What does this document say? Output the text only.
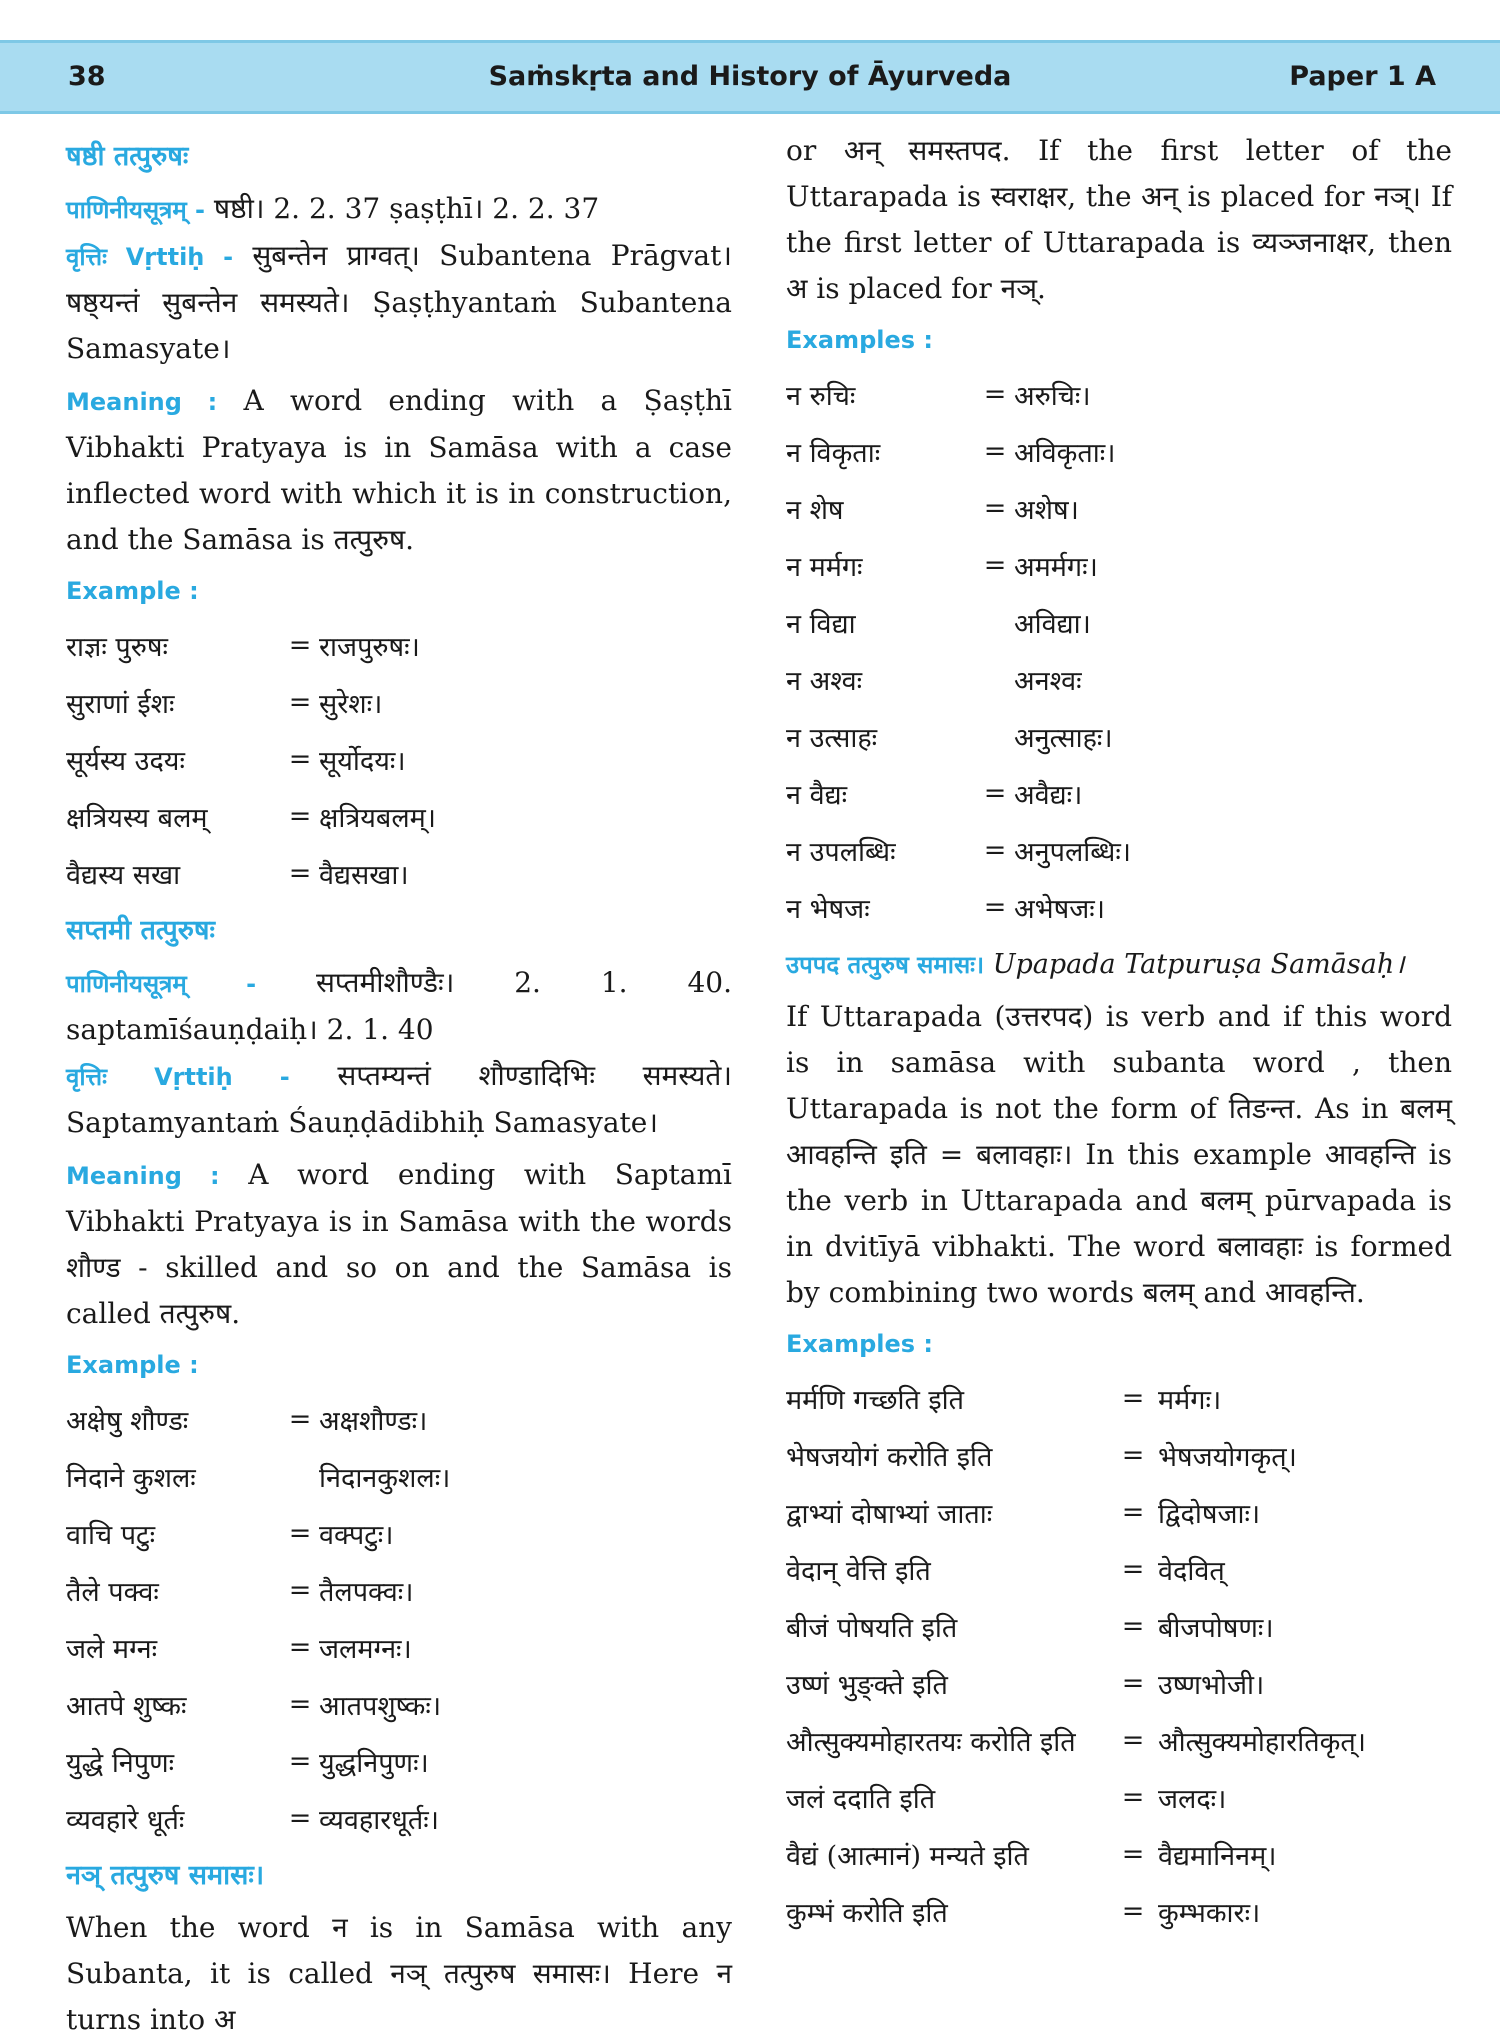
Saṁskṛta and History of Āyurveda
38	Paper 1 A
षष्ठी तत्पुरुषः

पाणिनीयसूत्रम् - षष्ठी। 2. 2. 37 ṣaṣṭhī। 2. 2. 37

वृत्तिः Vṛttiḥ - सुबन्तेन प्राग्वत्। Subantena Prāgvat। षष्ठ्यन्तं सुबन्तेन समस्यते। Ṣaṣṭhyantaṁ Subantena Samasyate।

Meaning : A word ending with a Ṣaṣṭhī Vibhakti Pratyaya is in Samāsa with a case inflected word with which it is in construction, and the Samāsa is तत्पुरुष.

Example :
राज्ञः पुरुषः	=	राजपुरुषः।
सुराणां ईशः	=	सुरेशः।
सूर्यस्य उदयः	=	सूर्योदयः।
क्षत्रियस्य बलम्	=	क्षत्रियबलम्।
वैद्यस्य सखा	=	वैद्यसखा।
सप्तमी तत्पुरुषः

पाणिनीयसूत्रम् - सप्तमीशौण्डैः। 2. 1. 40. saptamīśauṇḍaiḥ। 2. 1. 40

वृत्तिः Vṛttiḥ - सप्तम्यन्तं शौण्डादिभिः समस्यते। Saptamyantaṁ Śauṇḍādibhiḥ Samasyate।

Meaning : A word ending with Saptamī Vibhakti Pratyaya is in Samāsa with the words शौण्ड - skilled and so on and the Samāsa is called तत्पुरुष.

Example :
अक्षेषु शौण्डः	=	अक्षशौण्डः।
निदाने कुशलः		निदानकुशलः।
वाचि पटुः	=	वक्पटुः।
तैले पक्वः	=	तैलपक्वः।
जले मग्नः	=	जलमग्नः।
आतपे शुष्कः	=	आतपशुष्कः।
युद्धे निपुणः	=	युद्धनिपुणः।
व्यवहारे धूर्तः	=	व्यवहारधूर्तः।
नञ् तत्पुरुष समासः।

When the word न is in Samāsa with any Subanta, it is called नञ् तत्पुरुष समासः। Here न turns into अ

or अन् समस्तपद. If the first letter of the Uttarapada is स्वराक्षर, the अन् is placed for नञ्। If the first letter of Uttarapada is व्यञ्जनाक्षर, then अ is placed for नञ्.

Examples :
न रुचिः	=	अरुचिः।
न विकृताः	=	अविकृताः।
न शेष	=	अशेष।
न मर्मगः	=	अमर्मगः।
न विद्या		अविद्या।
न अश्वः		अनश्वः
न उत्साहः		अनुत्साहः।
न वैद्यः	=	अवैद्यः।
न उपलब्धिः	=	अनुपलब्धिः।
न भेषजः	=	अभेषजः।
उपपद तत्पुरुष समासः। Upapada Tatpuruṣa Samāsaḥ।

If Uttarapada (उत्तरपद) is verb and if this word is in samāsa with subanta word , then Uttarapada is not the form of तिङन्त. As in बलम् आवहन्ति इति = बलावहाः। In this example आवहन्ति is the verb in Uttarapada and बलम् pūrvapada is in dvitīyā vibhakti. The word बलावहाः is formed by combining two words बलम् and आवहन्ति.

Examples :
मर्मणि गच्छति इति	=	मर्मगः।
भेषजयोगं करोति इति	=	भेषजयोगकृत्।
द्वाभ्यां दोषाभ्यां जाताः	=	द्विदोषजाः।
वेदान् वेत्ति इति	=	वेदवित्
बीजं पोषयति इति	=	बीजपोषणः।
उष्णं भुङ्क्ते इति	=	उष्णभोजी।
औत्सुक्यमोहारतयः करोति इति	=	औत्सुक्यमोहारतिकृत्।
जलं ददाति इति	=	जलदः।
वैद्यं (आत्मानं) मन्यते इति	=	वैद्यमानिनम्।
कुम्भं करोति इति	=	कुम्भकारः।
